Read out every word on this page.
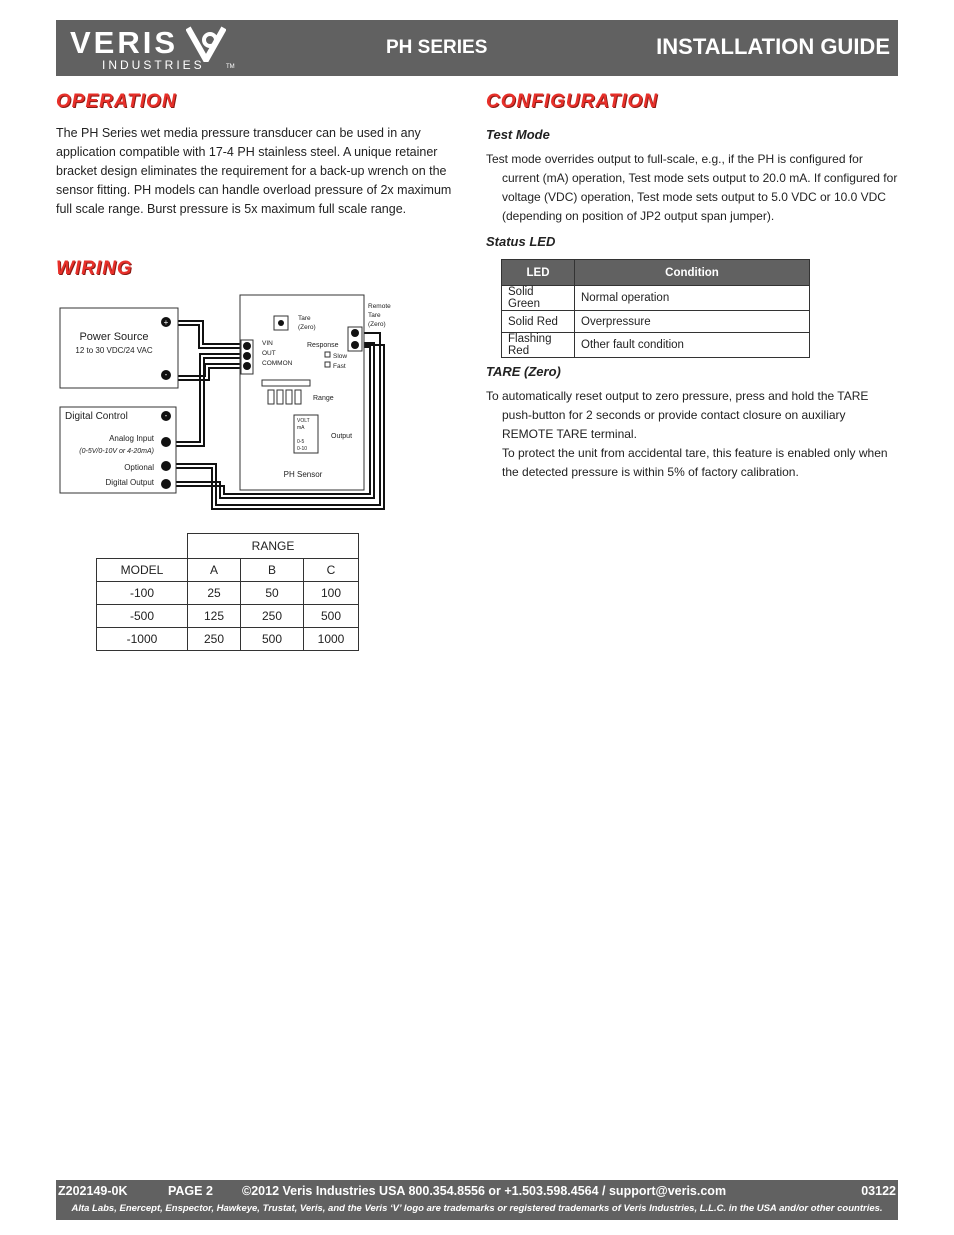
VERIS
INDUSTRIES	TM
PH SERIES	INSTALLATION GUIDE
OPERATION
The PH Series wet media pressure transducer can be used in any application compatible with 17-4 PH stainless steel. A unique retainer bracket design eliminates the requirement for a back-up wrench on the sensor fitting. PH models can handle overload pressure of 2x maximum full scale range. Burst pressure is 5x maximum full scale range.
WIRING
Power Source
12 to 30 VDC/24 VAC
+
-
Digital Control	-
Analog Input
(0-5V/0-10V or 4-20mA)
Optional
Digital Output
Tare
(Zero)
VIN
OUT
COMMON
Response
Slow
Fast
Range
VOLT
mA
0-5
0-10
Output
PH Sensor
Remote
Tare
(Zero)
	RANGE		
MODEL	A	B	C
-100	25	50	100
-500	125	250	500
-1000	250	500	1000
CONFIGURATION
Test Mode

Test mode overrides output to full-scale, e.g., if the PH is configured for current (mA) operation, Test mode sets output to 20.0 mA. If configured for voltage (VDC) operation, Test mode sets output to 5.0 VDC or 10.0 VDC (depending on position of JP2 output span jumper).

Status LED
LED	Condition
Solid Green	Normal operation
Solid Red	Overpressure
Flashing Red	Other fault condition
TARE (Zero)

To automatically reset output to zero pressure, press and hold the TARE push-button for 2 seconds or provide contact closure on auxiliary REMOTE TARE terminal.

To protect the unit from accidental tare, this feature is enabled only when the detected pressure is within 5% of factory calibration.

Z202149-0K	PAGE 2 ©2012 Veris Industries USA 800.354.8556 or +1.503.598.4564 / support@veris.com	03122
Alta Labs, Enercept, Enspector, Hawkeye, Trustat, Veris, and the Veris ‘V’ logo are trademarks or registered trademarks of Veris Industries, L.L.C. in the USA and/or other countries.
